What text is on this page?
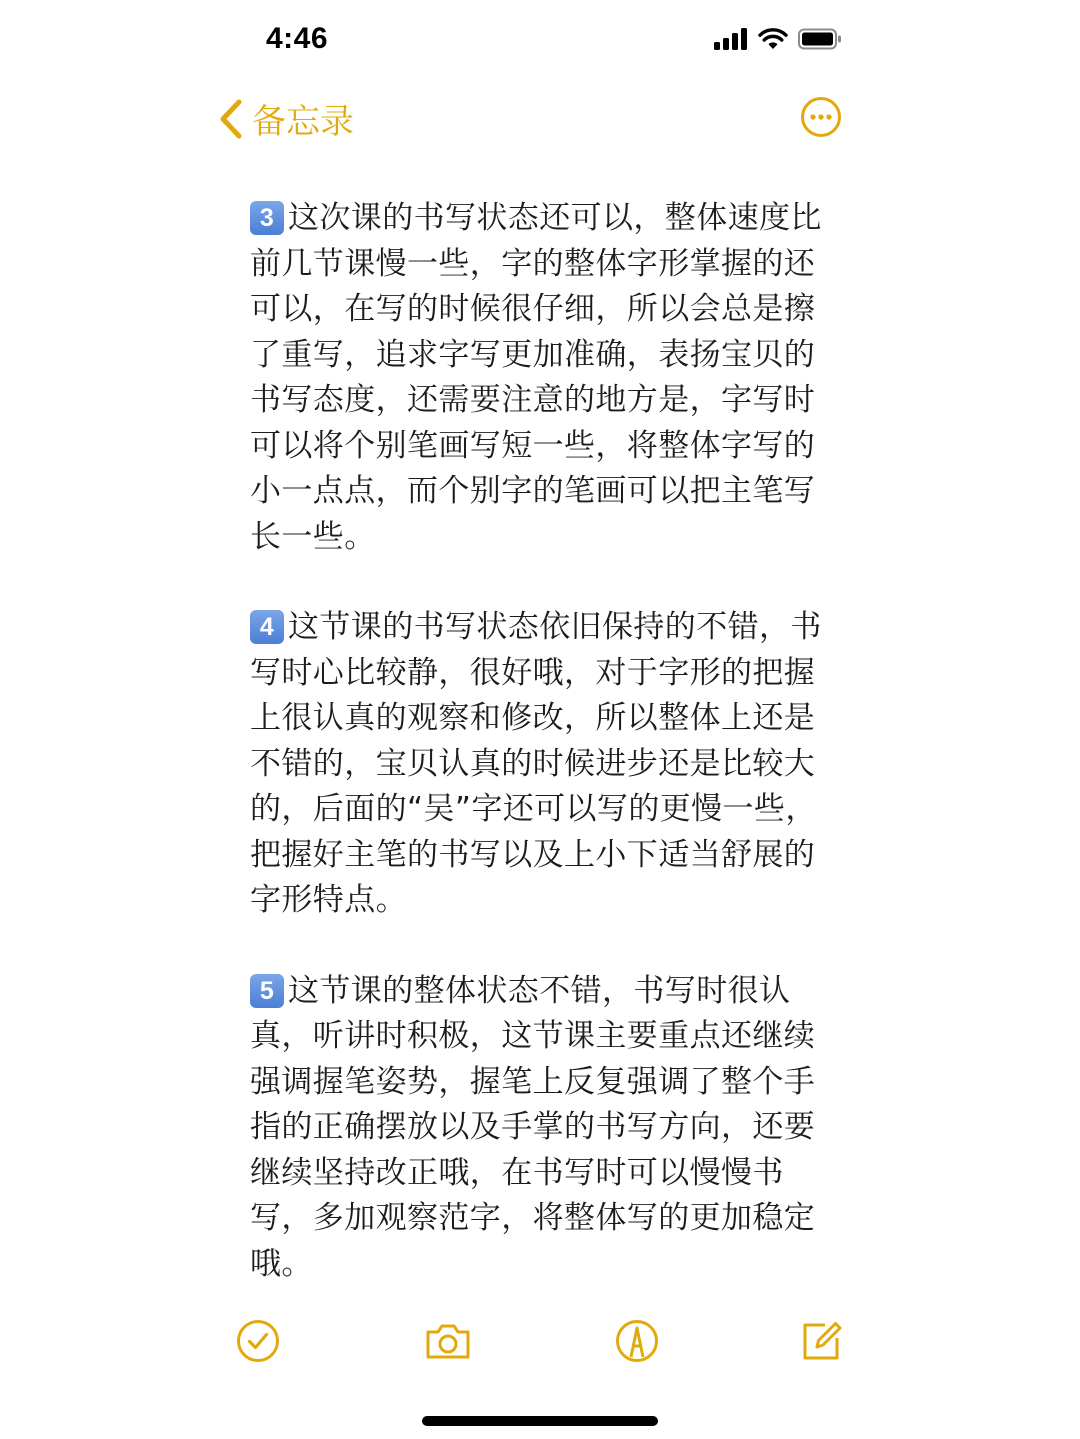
4:46
备忘录

3 这次课的书写状态还可以，整体速度比前几节课慢一些，字的整体字形掌握的还可以，在写的时候很仔细，所以会总是擦了重写，追求字写更加准确，表扬宝贝的书写态度，还需要注意的地方是，字写时可以将个别笔画写短一些，将整体字写的小一点点，而个别字的笔画可以把主笔写长一些。

4 这节课的书写状态依旧保持的不错，书写时心比较静，很好哦，对于字形的把握上很认真的观察和修改，所以整体上还是不错的，宝贝认真的时候进步还是比较大的，后面的“吴”字还可以写的更慢一些，把握好主笔的书写以及上小下适当舒展的字形特点。

5 这节课的整体状态不错，书写时很认真，听讲时积极，这节课主要重点还继续强调握笔姿势，握笔上反复强调了整个手指的正确摆放以及手掌的书写方向，还要继续坚持改正哦，在书写时可以慢慢书写，多加观察范字，将整体写的更加稳定哦。
